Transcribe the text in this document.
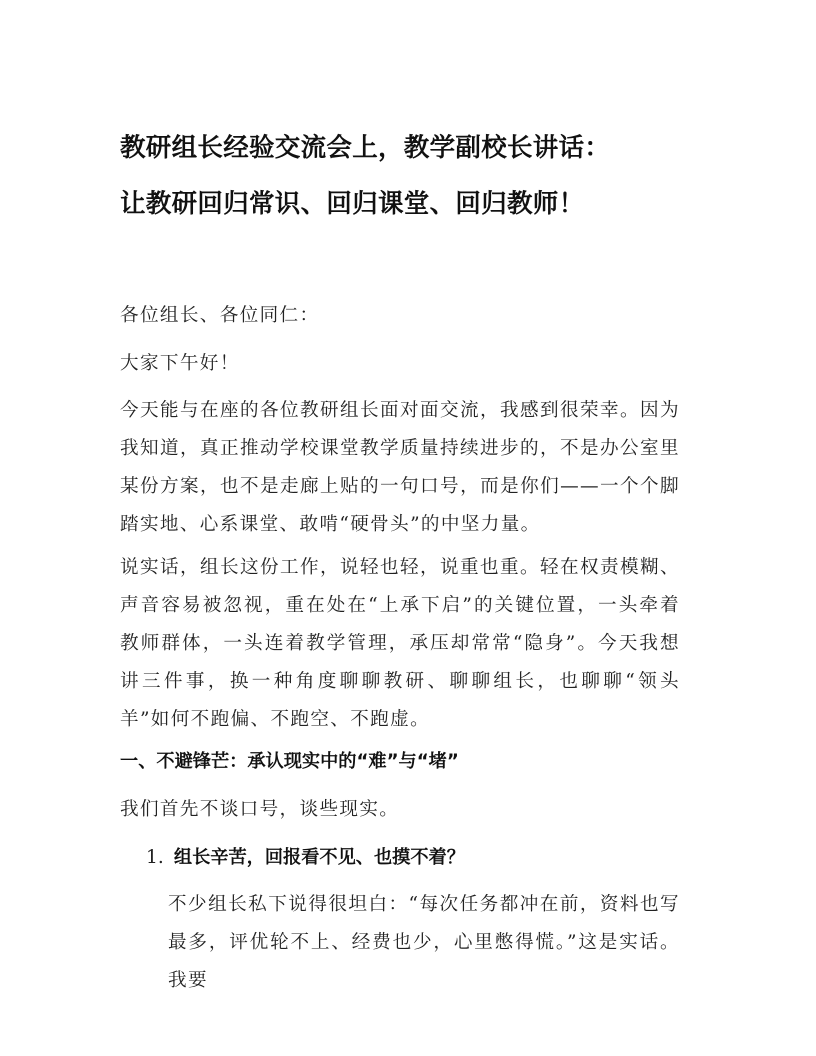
教研组长经验交流会上，教学副校长讲话：
让教研回归常识、回归课堂、回归教师！

各位组长、各位同仁：

大家下午好！

今天能与在座的各位教研组长面对面交流，我感到很荣幸。因为我知道，真正推动学校课堂教学质量持续进步的，不是办公室里某份方案，也不是走廊上贴的一句口号，而是你们——一个个脚踏实地、心系课堂、敢啃“硬骨头”的中坚力量。

说实话，组长这份工作，说轻也轻，说重也重。轻在权责模糊、声音容易被忽视，重在处在“上承下启”的关键位置，一头牵着教师群体，一头连着教学管理，承压却常常“隐身”。今天我想讲三件事，换一种角度聊聊教研、聊聊组长，也聊聊“领头羊”如何不跑偏、不跑空、不跑虚。

一、不避锋芒：承认现实中的“难”与“堵”

我们首先不谈口号，谈些现实。

1. 组长辛苦，回报看不见、也摸不着？

不少组长私下说得很坦白：“每次任务都冲在前，资料也写最多，评优轮不上、经费也少，心里憋得慌。”这是实话。我要
